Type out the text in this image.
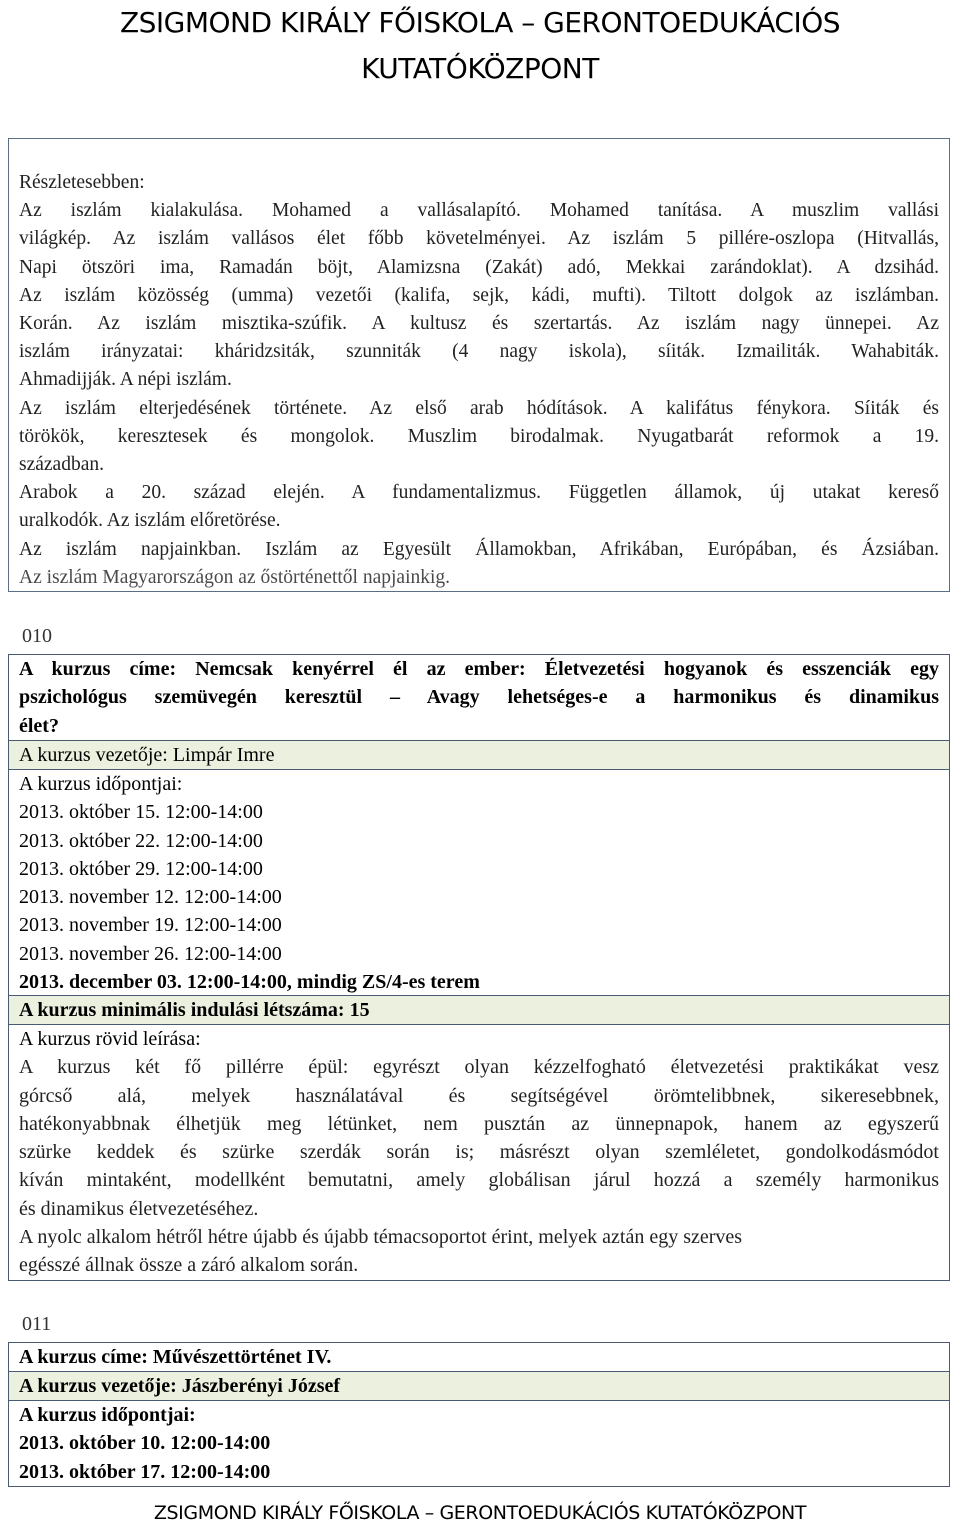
ZSIGMOND KIRÁLY FŐISKOLA – GERONTOEDUKÁCIÓS
KUTATÓKÖZPONT
Részletesebben:
Az iszlám kialakulása. Mohamed a vallásalapító. Mohamed tanítása. A muszlim vallási
világkép. Az iszlám vallásos élet főbb követelményei. Az iszlám 5 pillére-oszlopa (Hitvallás,
Napi ötszöri ima, Ramadán böjt, Alamizsna (Zakát) adó, Mekkai zarándoklat). A dzsihád.
Az iszlám közösség (umma) vezetői (kalifa, sejk, kádi, mufti). Tiltott dolgok az iszlámban.
Korán. Az iszlám misztika-szúfik. A kultusz és szertartás. Az iszlám nagy ünnepei. Az
iszlám irányzatai: kháridzsiták, szunniták (4 nagy iskola), síiták. Izmailiták. Wahabiták.
Ahmadijják. A népi iszlám.
Az iszlám elterjedésének története. Az első arab hódítások. A kalifátus fénykora. Síiták és
törökök, keresztesek és mongolok. Muszlim birodalmak. Nyugatbarát reformok a 19.
században.
Arabok a 20. század elején. A fundamentalizmus. Független államok, új utakat kereső
uralkodók. Az iszlám előretörése.
Az iszlám napjainkban. Iszlám az Egyesült Államokban, Afrikában, Európában, és Ázsiában.
Az iszlám Magyarországon az őstörténettől napjainkig.
010
A kurzus címe: Nemcsak kenyérrel él az ember: Életvezetési hogyanok és esszenciák egy
pszichológus szemüvegén keresztül – Avagy lehetséges-e a harmonikus és dinamikus
élet?
A kurzus vezetője: Limpár Imre
A kurzus időpontjai:
2013. október 15. 12:00-14:00
2013. október 22. 12:00-14:00
2013. október 29. 12:00-14:00
2013. november 12. 12:00-14:00
2013. november 19. 12:00-14:00
2013. november 26. 12:00-14:00
2013. december 03. 12:00-14:00, mindig ZS/4-es terem
A kurzus minimális indulási létszáma: 15
A kurzus rövid leírása:
A kurzus két fő pillérre épül: egyrészt olyan kézzelfogható életvezetési praktikákat vesz
górcső alá, melyek használatával és segítségével örömtelibbnek, sikeresebbnek,
hatékonyabbnak élhetjük meg létünket, nem pusztán az ünnepnapok, hanem az egyszerű
szürke keddek és szürke szerdák során is; másrészt olyan szemléletet, gondolkodásmódot
kíván mintaként, modellként bemutatni, amely globálisan járul hozzá a személy harmonikus
és dinamikus életvezetéséhez.
A nyolc alkalom hétről hétre újabb és újabb témacsoportot érint, melyek aztán egy szerves
egésszé állnak össze a záró alkalom során.
011
A kurzus címe: Művészettörténet IV.
A kurzus vezetője: Jászberényi József
A kurzus időpontjai:
2013. október 10. 12:00-14:00
2013. október 17. 12:00-14:00
ZSIGMOND KIRÁLY FŐISKOLA – GERONTOEDUKÁCIÓS KUTATÓKÖZPONT
